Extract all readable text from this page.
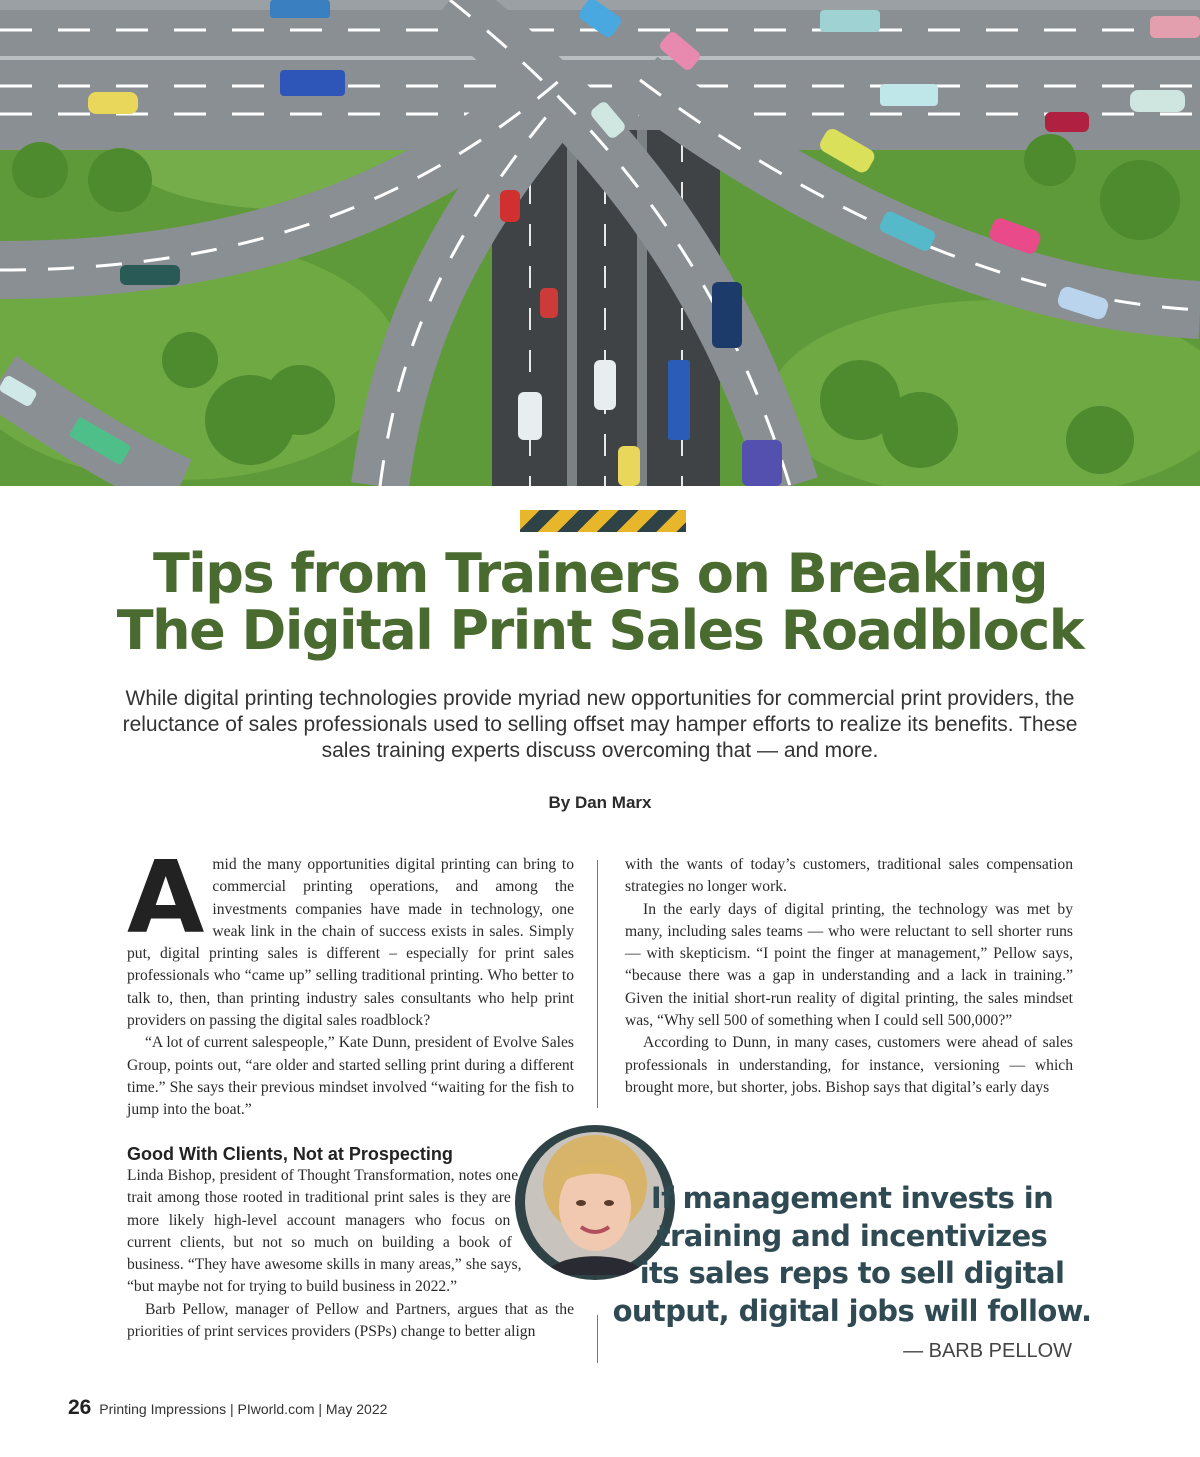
Tips from Trainers on Breaking
The Digital Print Sales Roadblock

While digital printing technologies provide myriad new opportunities for commercial print providers, the reluctance of sales professionals used to selling offset may hamper efforts to realize its benefits. These sales training experts discuss overcoming that — and more.

By Dan Marx

A mid the many opportunities digital printing can bring to commercial printing operations, and among the investments companies have made in technology, one weak link in the chain of success exists in sales. Simply put, digital printing sales is different – especially for print sales professionals who “came up” selling traditional printing. Who better to talk to, then, than printing industry sales consultants who help print providers on passing the digital sales roadblock?

“A lot of current salespeople,” Kate Dunn, president of Evolve Sales Group, points out, “are older and started selling print during a different time.” She says their previous mindset involved “waiting for the fish to jump into the boat.”

with the wants of today’s customers, traditional sales compensation strategies no longer work.

In the early days of digital printing, the technology was met by many, including sales teams — who were reluctant to sell shorter runs — with skepticism. “I point the finger at management,” Pellow says, “because there was a gap in understanding and a lack in training.” Given the initial short-run reality of digital printing, the sales mindset was, “Why sell 500 of something when I could sell 500,000?”

According to Dunn, in many cases, customers were ahead of sales professionals in understanding, for instance, versioning — which brought more, but shorter, jobs. Bishop says that digital’s early days

Good With Clients, Not at Prospecting

Linda Bishop, president of Thought Transformation, notes one trait among those rooted in traditional print sales is they are more likely high-level account managers who focus on current clients, but not so much on building a book of business. “They have awesome skills in many areas,” she says, “but maybe not for trying to build business in 2022.”

Barb Pellow, manager of Pellow and Partners, argues that as the priorities of print services providers (PSPs) change to better align

If management invests in
training and incentivizes
its sales reps to sell digital
output, digital jobs will follow.

— BARB PELLOW

26 Printing Impressions | PIworld.com | May 2022
